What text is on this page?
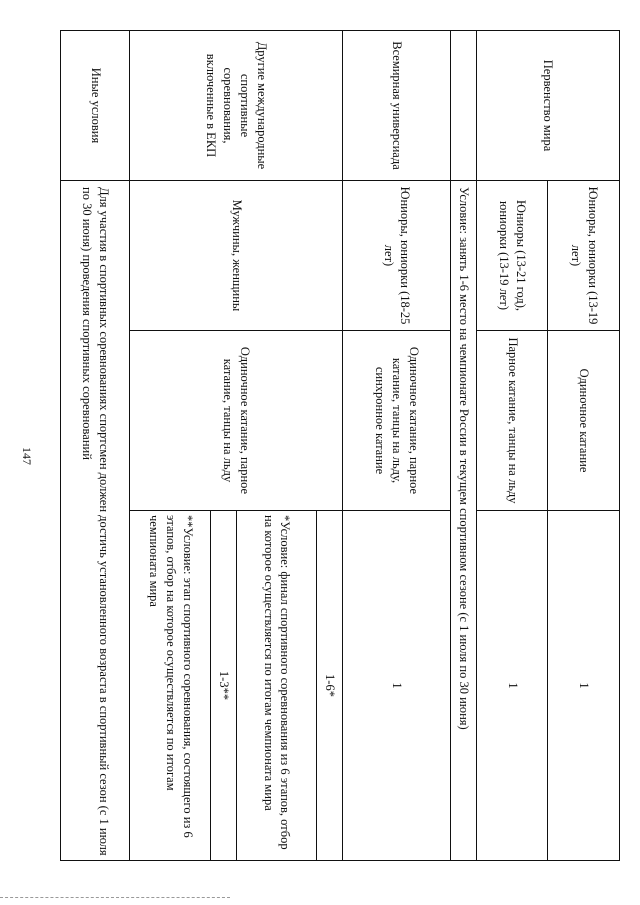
147
Первенство мира	Юниоры, юниорки (13-19 лет)	Одиночное катание	1
	Юниоры (13-21 год), юниорки (13-19 лет)	Парное катание, танцы на льду	1
	Условие: занять 1-6 место на чемпионате России в текущем спортивном сезоне (с 1 июля по 30 июня)		
Всемирная универсиада	Юниоры, юниорки (18-25 лет)	Одиночное катание, парное катание, танцы на льду, синхронное катание	1
Другие международные спортивные соревнования, включенные в ЕКП	Мужчины, женщины	Одиночное катание, парное катание, танцы на льду	1-6*
			*Условие: финал спортивного соревнования из 6 этапов, отбор на которое осуществляется по итогам чемпионата мира
			1-3**
			**Условие: этап спортивного соревнования, состоящего из 6 этапов, отбор на которое осуществляется по итогам чемпионата мира
Иные условия	Для участия в спортивных соревнованиях спортсмен должен достичь установленного возраста в спортивный сезон (с 1 июля по 30 июня) проведения спортивных соревнований		
